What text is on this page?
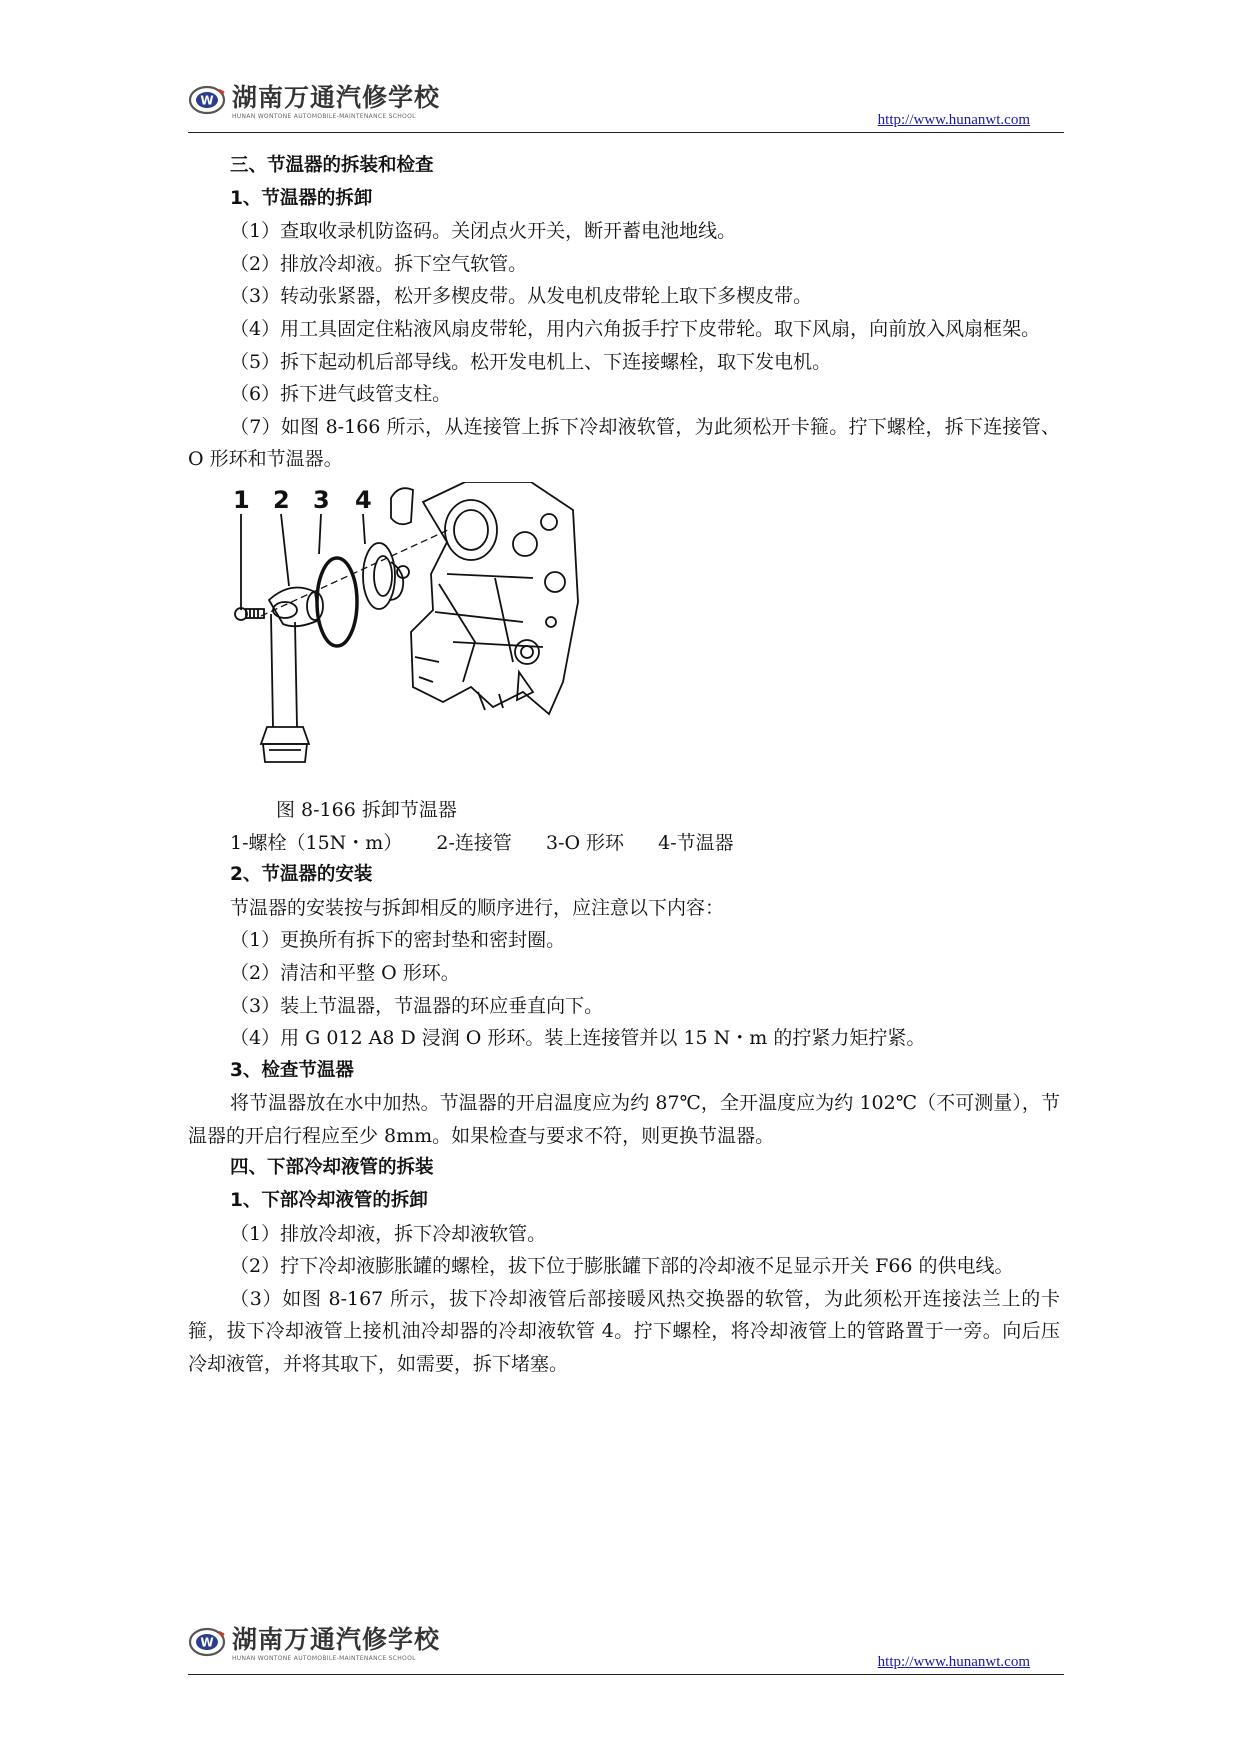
W 湖南万通汽修学校
HUNAN WONTONE AUTOMOBILE-MAINTENANCE SCHOOL	http://www.hunanwt.com

三、节温器的拆装和检查

1、节温器的拆卸

（1）查取收录机防盗码。关闭点火开关，断开蓄电池地线。

（2）排放冷却液。拆下空气软管。

（3）转动张紧器，松开多楔皮带。从发电机皮带轮上取下多楔皮带。

（4）用工具固定住粘液风扇皮带轮，用内六角扳手拧下皮带轮。取下风扇，向前放入风扇框架。

（5）拆下起动机后部导线。松开发电机上、下连接螺栓，取下发电机。

（6）拆下进气歧管支柱。

（7）如图 8-166 所示，从连接管上拆下冷却液软管，为此须松开卡箍。拧下螺栓，拆下连接管、O 形环和节温器。

1 2 3 4

图 8-166 拆卸节温器

1-螺栓（15N・m） 2-连接管 3-O 形环 4-节温器

2、节温器的安装

节温器的安装按与拆卸相反的顺序进行，应注意以下内容：

（1）更换所有拆下的密封垫和密封圈。

（2）清洁和平整 O 形环。

（3）装上节温器，节温器的环应垂直向下。

（4）用 G 012 A8 D 浸润 O 形环。装上连接管并以 15 N・m 的拧紧力矩拧紧。

3、检查节温器

将节温器放在水中加热。节温器的开启温度应为约 87℃，全开温度应为约 102℃（不可测量），节温器的开启行程应至少 8mm。如果检查与要求不符，则更换节温器。

四、下部冷却液管的拆装

1、下部冷却液管的拆卸

（1）排放冷却液，拆下冷却液软管。

（2）拧下冷却液膨胀罐的螺栓，拔下位于膨胀罐下部的冷却液不足显示开关 F66 的供电线。

（3）如图 8-167 所示，拔下冷却液管后部接暖风热交换器的软管，为此须松开连接法兰上的卡箍，拔下冷却液管上接机油冷却器的冷却液软管 4。拧下螺栓，将冷却液管上的管路置于一旁。向后压冷却液管，并将其取下，如需要，拆下堵塞。

W 湖南万通汽修学校
HUNAN WONTONE AUTOMOBILE-MAINTENANCE SCHOOL	http://www.hunanwt.com
